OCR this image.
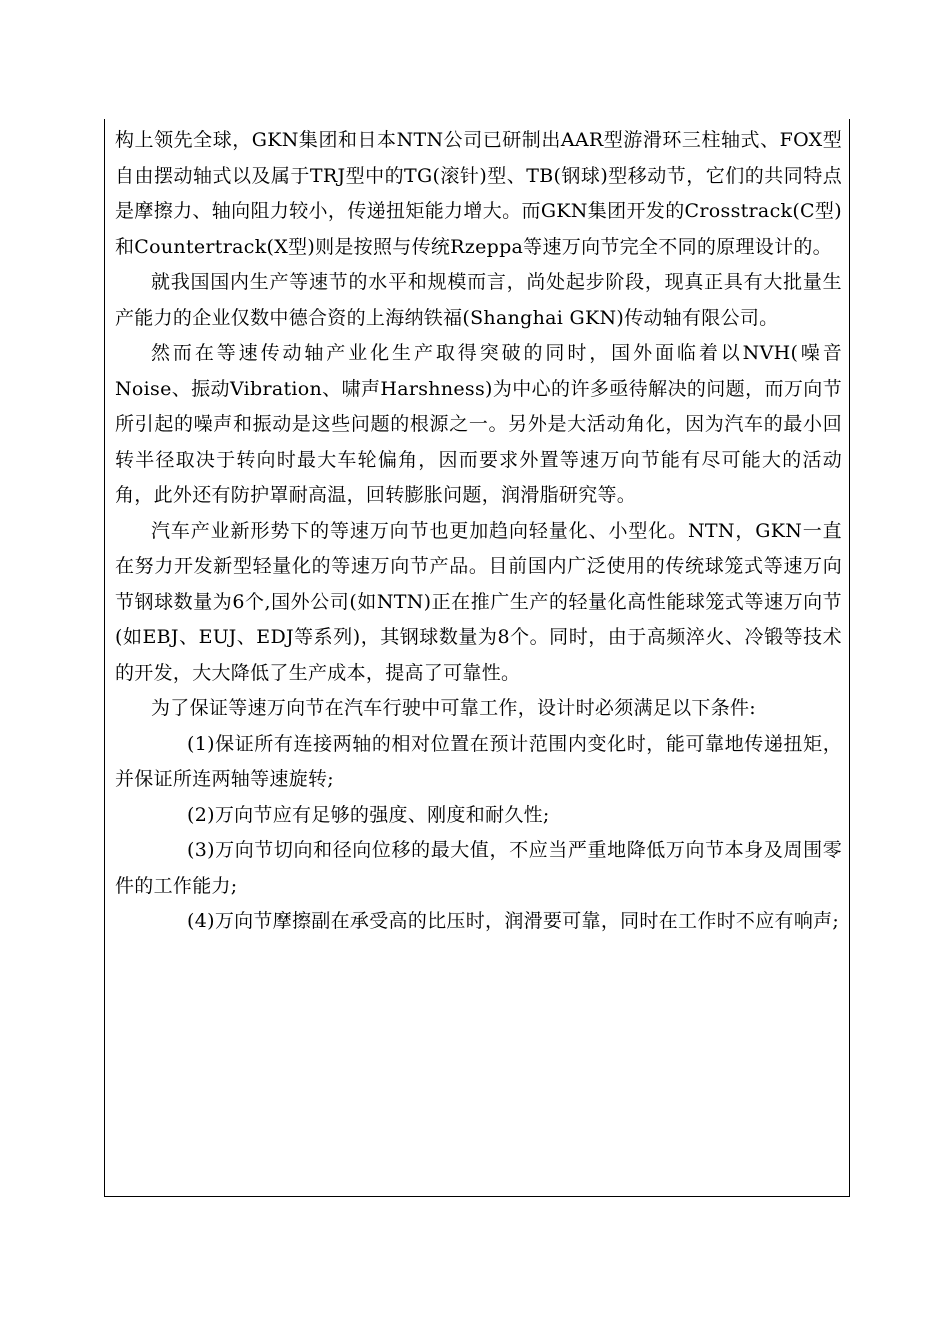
构上领先全球，GKN集团和日本NTN公司已研制出AAR型游滑环三柱轴式、FOX型自由摆动轴式以及属于TRJ型中的TG(滚针)型、TB(钢球)型移动节，它们的共同特点是摩擦力、轴向阻力较小，传递扭矩能力增大。而GKN集团开发的Crosstrack(C型)和Countertrack(X型)则是按照与传统Rzeppa等速万向节完全不同的原理设计的。

就我国国内生产等速节的水平和规模而言，尚处起步阶段，现真正具有大批量生产能力的企业仅数中德合资的上海纳铁福(Shanghai GKN)传动轴有限公司。

然而在等速传动轴产业化生产取得突破的同时，国外面临着以NVH(噪音Noise、振动Vibration、啸声Harshness)为中心的许多亟待解决的问题，而万向节所引起的噪声和振动是这些问题的根源之一。另外是大活动角化，因为汽车的最小回转半径取决于转向时最大车轮偏角，因而要求外置等速万向节能有尽可能大的活动角，此外还有防护罩耐高温，回转膨胀问题，润滑脂研究等。

汽车产业新形势下的等速万向节也更加趋向轻量化、小型化。NTN，GKN一直在努力开发新型轻量化的等速万向节产品。目前国内广泛使用的传统球笼式等速万向节钢球数量为6个,国外公司(如NTN)正在推广生产的轻量化高性能球笼式等速万向节(如EBJ、EUJ、EDJ等系列)，其钢球数量为8个。同时，由于高频淬火、冷锻等技术的开发，大大降低了生产成本，提高了可靠性。

为了保证等速万向节在汽车行驶中可靠工作，设计时必须满足以下条件:

(1)保证所有连接两轴的相对位置在预计范围内变化时，能可靠地传递扭矩，并保证所连两轴等速旋转;

(2)万向节应有足够的强度、刚度和耐久性;

(3)万向节切向和径向位移的最大值，不应当严重地降低万向节本身及周围零件的工作能力;

(4)万向节摩擦副在承受高的比压时，润滑要可靠，同时在工作时不应有响声;
